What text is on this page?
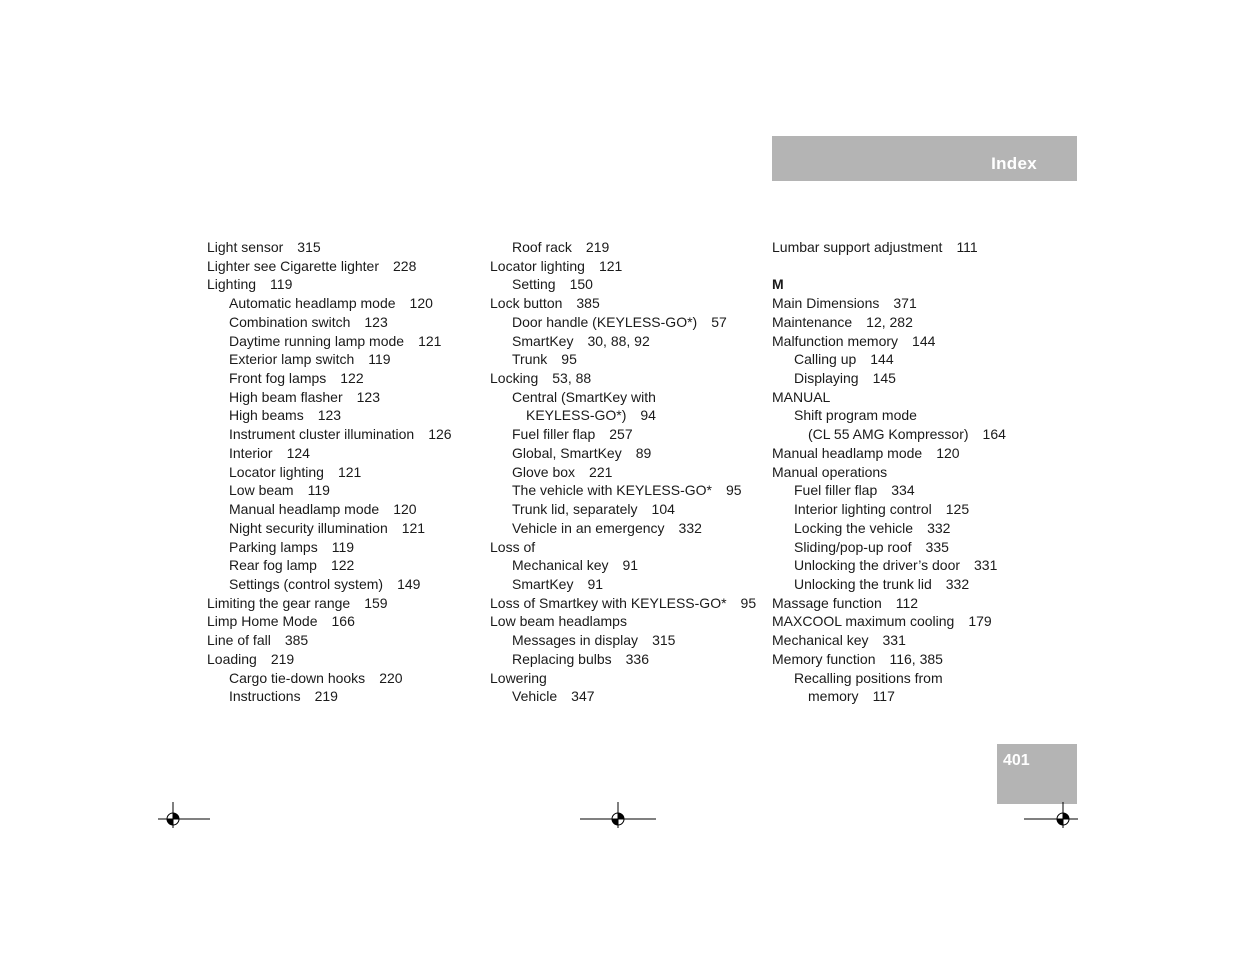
Index
Light sensor 315
Lighter see Cigarette lighter 228
Lighting 119
Automatic headlamp mode 120
Combination switch 123
Daytime running lamp mode 121
Exterior lamp switch 119
Front fog lamps 122
High beam flasher 123
High beams 123
Instrument cluster illumination 126
Interior 124
Locator lighting 121
Low beam 119
Manual headlamp mode 120
Night security illumination 121
Parking lamps 119
Rear fog lamp 122
Settings (control system) 149
Limiting the gear range 159
Limp Home Mode 166
Line of fall 385
Loading 219
Cargo tie-down hooks 220
Instructions 219
Roof rack 219
Locator lighting 121
Setting 150
Lock button 385
Door handle (KEYLESS-GO*) 57
SmartKey 30, 88, 92
Trunk 95
Locking 53, 88
Central (SmartKey with
KEYLESS-GO*) 94
Fuel filler flap 257
Global, SmartKey 89
Glove box 221
The vehicle with KEYLESS-GO* 95
Trunk lid, separately 104
Vehicle in an emergency 332
Loss of
Mechanical key 91
SmartKey 91
Loss of Smartkey with KEYLESS-GO* 95
Low beam headlamps
Messages in display 315
Replacing bulbs 336
Lowering
Vehicle 347
Lumbar support adjustment 111
M
Main Dimensions 371
Maintenance 12, 282
Malfunction memory 144
Calling up 144
Displaying 145
MANUAL
Shift program mode
(CL 55 AMG Kompressor) 164
Manual headlamp mode 120
Manual operations
Fuel filler flap 334
Interior lighting control 125
Locking the vehicle 332
Sliding/pop-up roof 335
Unlocking the driver’s door 331
Unlocking the trunk lid 332
Massage function 112
MAXCOOL maximum cooling 179
Mechanical key 331
Memory function 116, 385
Recalling positions from
memory 117
401
